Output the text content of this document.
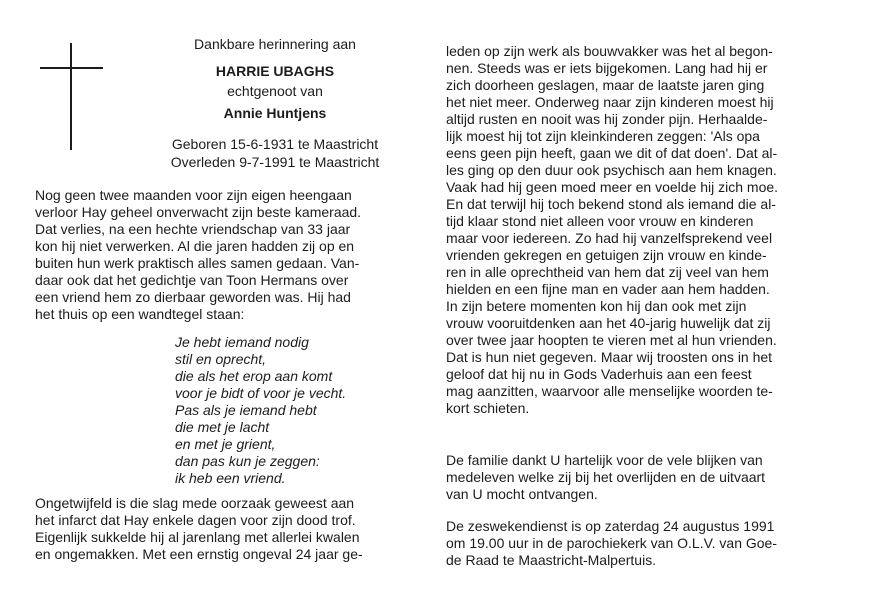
Dankbare herinnering aan
HARRIE UBAGHS
echtgenoot van
Annie Huntjens
Geboren 15-6-1931 te Maastricht
Overleden 9-7-1991 te Maastricht
Nog geen twee maanden voor zijn eigen heengaan
verloor Hay geheel onverwacht zijn beste kameraad.
Dat verlies, na een hechte vriendschap van 33 jaar
kon hij niet verwerken. Al die jaren hadden zij op en
buiten hun werk praktisch alles samen gedaan. Van-
daar ook dat het gedichtje van Toon Hermans over
een vriend hem zo dierbaar geworden was. Hij had
het thuis op een wandtegel staan:
Je hebt iemand nodig
stil en oprecht,
die als het erop aan komt
voor je bidt of voor je vecht.
Pas als je iemand hebt
die met je lacht
en met je grient,
dan pas kun je zeggen:
ik heb een vriend.
Ongetwijfeld is die slag mede oorzaak geweest aan
het infarct dat Hay enkele dagen voor zijn dood trof.
Eigenlijk sukkelde hij al jarenlang met allerlei kwalen
en ongemakken. Met een ernstig ongeval 24 jaar ge-
leden op zijn werk als bouwvakker was het al begon-
nen. Steeds was er iets bijgekomen. Lang had hij er
zich doorheen geslagen, maar de laatste jaren ging
het niet meer. Onderweg naar zijn kinderen moest hij
altijd rusten en nooit was hij zonder pijn. Herhaalde-
lijk moest hij tot zijn kleinkinderen zeggen: 'Als opa
eens geen pijn heeft, gaan we dit of dat doen'. Dat al-
les ging op den duur ook psychisch aan hem knagen.
Vaak had hij geen moed meer en voelde hij zich moe.
En dat terwijl hij toch bekend stond als iemand die al-
tijd klaar stond niet alleen voor vrouw en kinderen
maar voor iedereen. Zo had hij vanzelfsprekend veel
vrienden gekregen en getuigen zijn vrouw en kinde-
ren in alle oprechtheid van hem dat zij veel van hem
hielden en een fijne man en vader aan hem hadden.
In zijn betere momenten kon hij dan ook met zijn
vrouw vooruitdenken aan het 40-jarig huwelijk dat zij
over twee jaar hoopten te vieren met al hun vrienden.
Dat is hun niet gegeven. Maar wij troosten ons in het
geloof dat hij nu in Gods Vaderhuis aan een feest
mag aanzitten, waarvoor alle menselijke woorden te-
kort schieten.
De familie dankt U hartelijk voor de vele blijken van
medeleven welke zij bij het overlijden en de uitvaart
van U mocht ontvangen.
De zeswekendienst is op zaterdag 24 augustus 1991
om 19.00 uur in de parochiekerk van O.L.V. van Goe-
de Raad te Maastricht-Malpertuis.
